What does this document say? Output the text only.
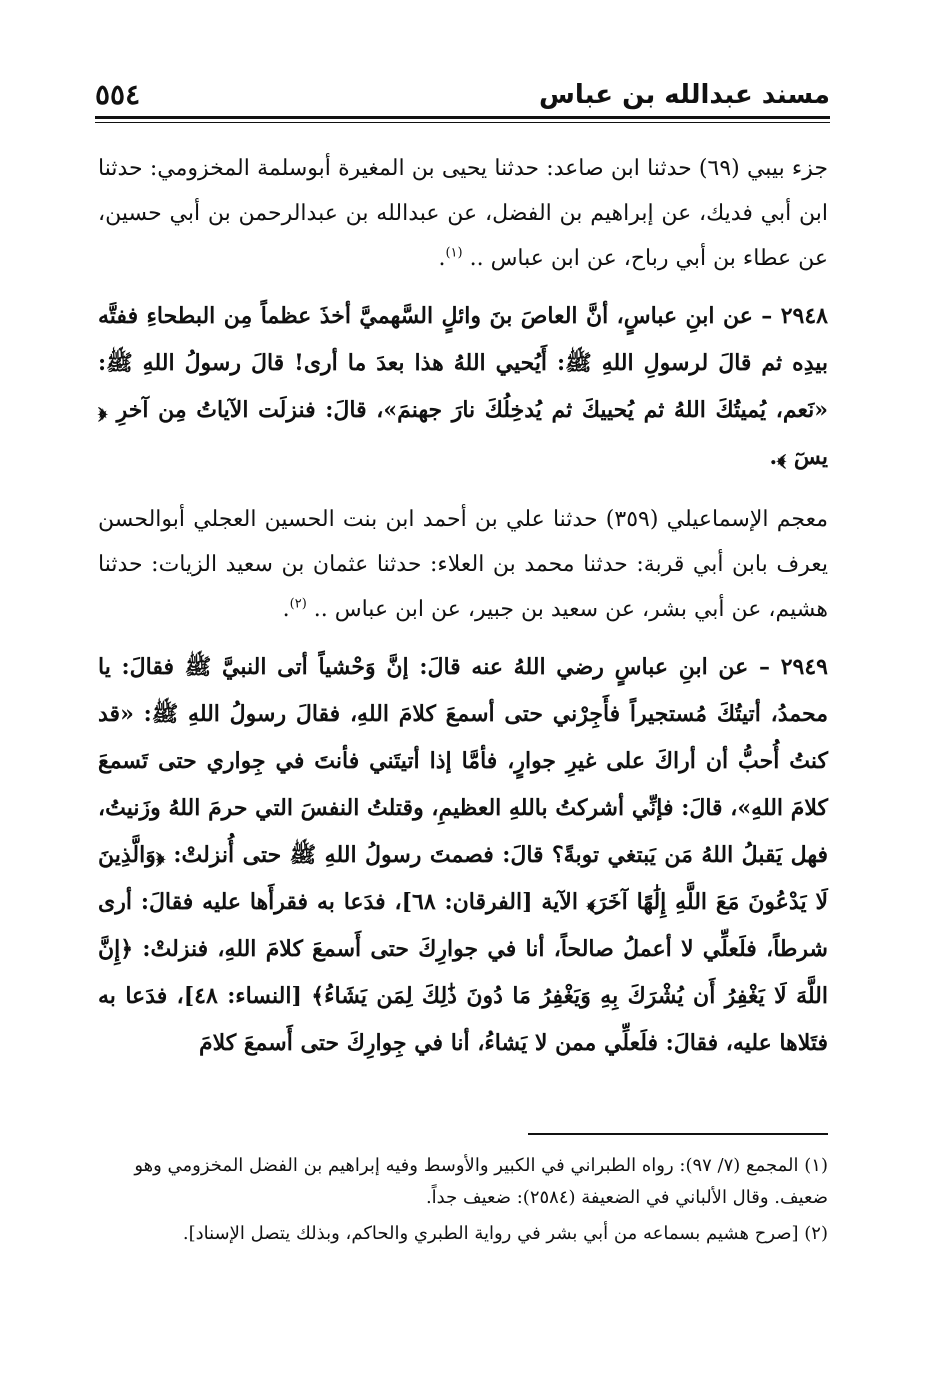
٥٥٤	مسند عبدالله بن عباس

جزء بيبي (٦٩) حدثنا ابن صاعد: حدثنا يحيى بن المغيرة أبوسلمة المخزومي: حدثنا ابن أبي فديك، عن إبراهيم بن الفضل، عن عبدالله بن عبدالرحمن بن أبي حسين، عن عطاء بن أبي رباح، عن ابن عباس .. $^{(١)}$.

٢٩٤٨ – عن ابنِ عباسٍ، أنَّ العاصَ بنَ وائلٍ السَّهميَّ أخذَ عظماً مِن البطحاءِ ففتَّه بيدِه ثم قالَ لرسولِ اللهِ ﷺ: أَيُحيي اللهُ هذا بعدَ ما أرى! قالَ رسولُ اللهِ ﷺ: «نَعم، يُميتُكَ اللهُ ثم يُحييكَ ثم يُدخِلُكَ نارَ جهنمَ»، قالَ: فنزلَت الآياتُ مِن آخرِ ﴿ يسٓ ﴾.

معجم الإسماعيلي (٣٥٩) حدثنا علي بن أحمد ابن بنت الحسين العجلي أبوالحسن يعرف بابن أبي قربة: حدثنا محمد بن العلاء: حدثنا عثمان بن سعيد الزيات: حدثنا هشيم، عن أبي بشر، عن سعيد بن جبير، عن ابن عباس .. $^{(٢)}$.

٢٩٤٩ – عن ابنِ عباسٍ رضي اللهُ عنه قالَ: إنَّ وَحْشياً أتى النبيَّ ﷺ فقالَ: يا محمدُ، أتيتُكَ مُستجيراً فأَجِرْني حتى أسمعَ كلامَ اللهِ، فقالَ رسولُ اللهِ ﷺ: «قد كنتُ أُحبُّ أن أراكَ على غيرِ جوارٍ، فأمَّا إذا أتيتَني فأنتَ في جِواري حتى تَسمعَ كلامَ اللهِ»، قالَ: فإنِّي أشركتُ باللهِ العظيمِ، وقتلتُ النفسَ التي حرمَ اللهُ وزَنيتُ، فهل يَقبلُ اللهُ مَن يَبتغي توبةً؟ قالَ: فصمتَ رسولُ اللهِ ﷺ حتى أُنزلتْ: ﴿وَالَّذِينَ لَا يَدْعُونَ مَعَ اللَّهِ إِلَٰهًا آخَرَ﴾ الآية [الفرقان: ٦٨]، فدَعا به فقرأَها عليه فقالَ: أرى شرطاً، فلَعلِّي لا أعملُ صالحاً، أنا في جوارِكَ حتى أَسمعَ كلامَ اللهِ، فنزلتْ: ﴿إِنَّ اللَّهَ لَا يَغْفِرُ أَن يُشْرَكَ بِهِ وَيَغْفِرُ مَا دُونَ ذَٰلِكَ لِمَن يَشَاءُ﴾ [النساء: ٤٨]، فدَعا به فتَلاها عليه، فقالَ: فلَعلِّي ممن لا يَشاءُ، أنا في جِوارِكَ حتى أَسمعَ كلامَ

(١) المجمع (٧/ ٩٧): رواه الطبراني في الكبير والأوسط وفيه إبراهيم بن الفضل المخزومي وهو ضعيف. وقال الألباني في الضعيفة (٢٥٨٤): ضعيف جداً.

(٢) [صرح هشيم بسماعه من أبي بشر في رواية الطبري والحاكم، وبذلك يتصل الإسناد].
